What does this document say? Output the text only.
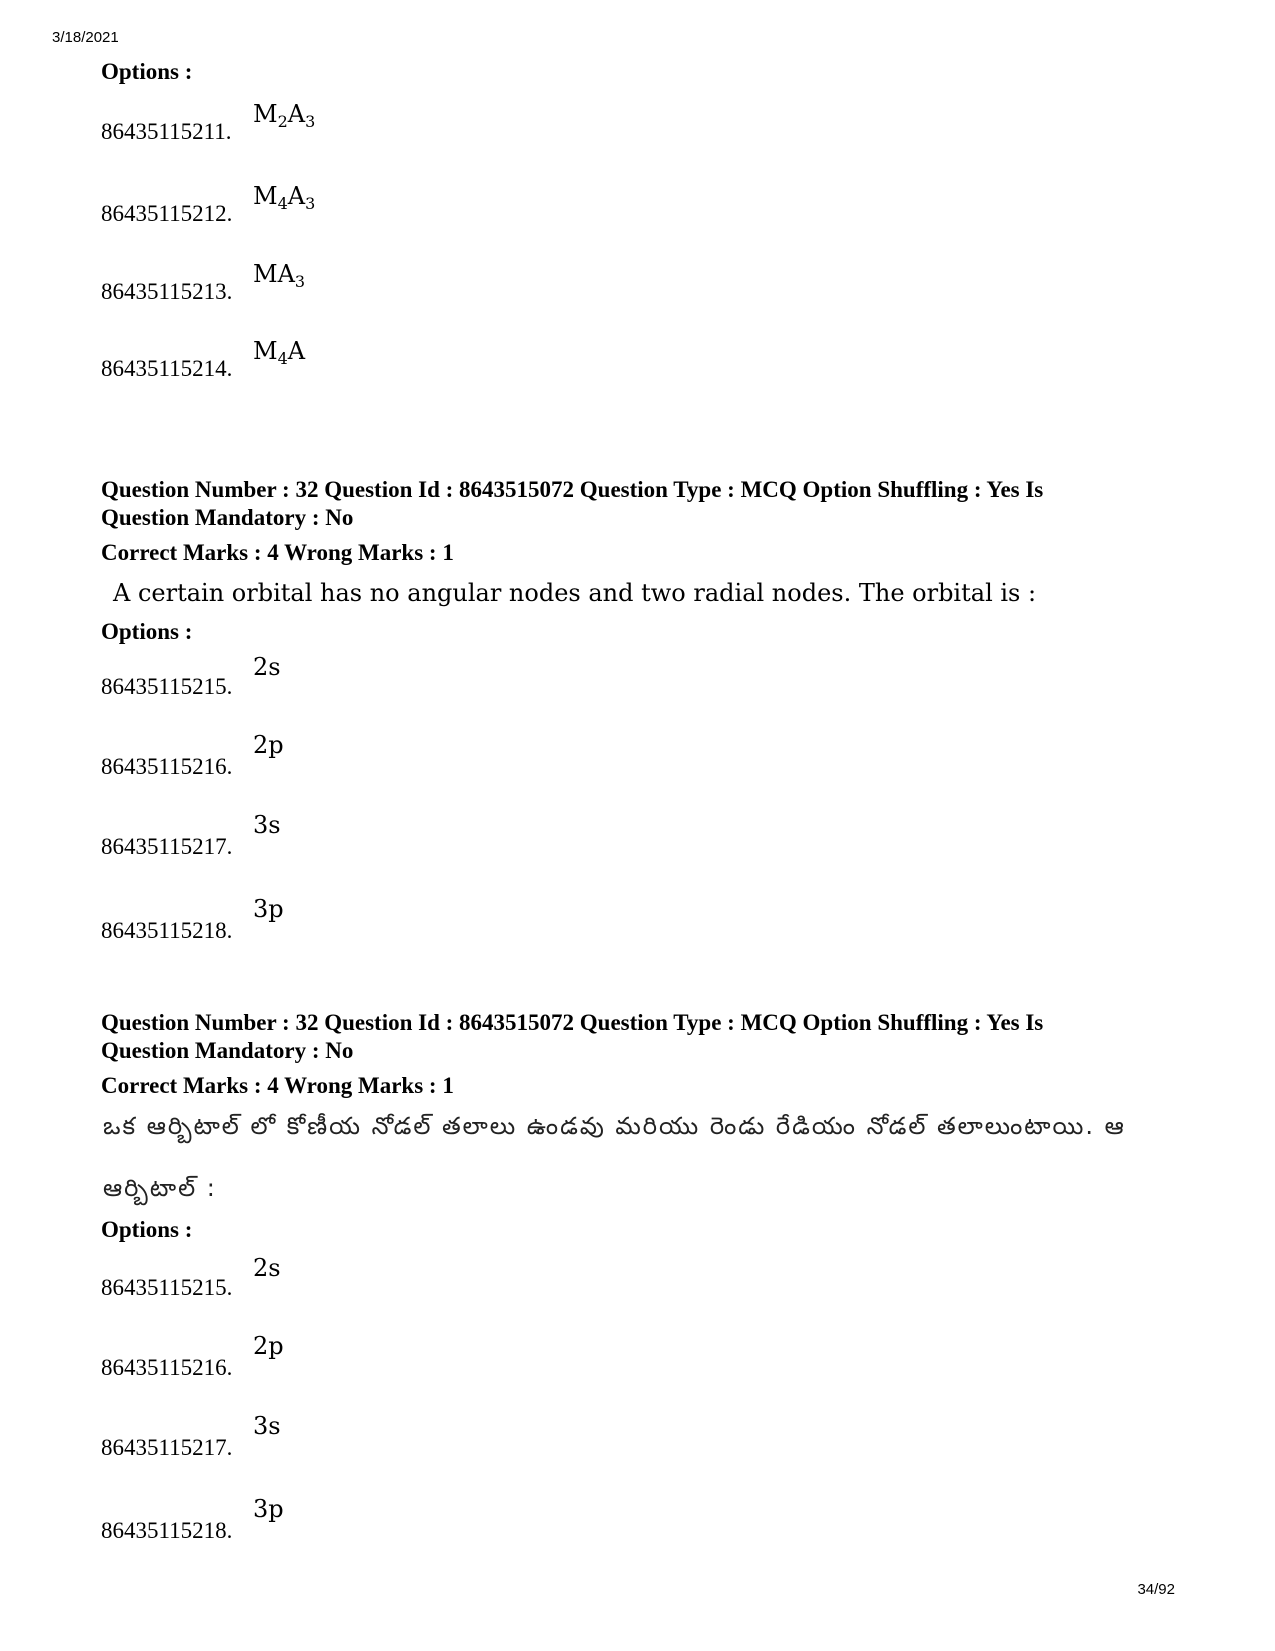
3/18/2021
34/92
Options :
86435115211.
$M_2A_3$
86435115212.
$M_4A_3$
86435115213.
$MA_3$
86435115214.
$M_4A$
Question Number : 32 Question Id : 8643515072 Question Type : MCQ Option Shuffling : Yes Is
Question Mandatory : No
Correct Marks : 4 Wrong Marks : 1
A certain orbital has no angular nodes and two radial nodes. The orbital is :
Options :
86435115215.
2s
86435115216.
2p
86435115217.
3s
86435115218.
3p
Question Number : 32 Question Id : 8643515072 Question Type : MCQ Option Shuffling : Yes Is
Question Mandatory : No
Correct Marks : 4 Wrong Marks : 1
ఒక ఆర్బిటాల్ లో కోణీయ నోడల్ తలాలు ఉండవు మరియు రెండు రేడియం నోడల్ తలాలుంటాయి. ఆ
ఆర్బిటాల్ :
Options :
86435115215.
2s
86435115216.
2p
86435115217.
3s
86435115218.
3p
